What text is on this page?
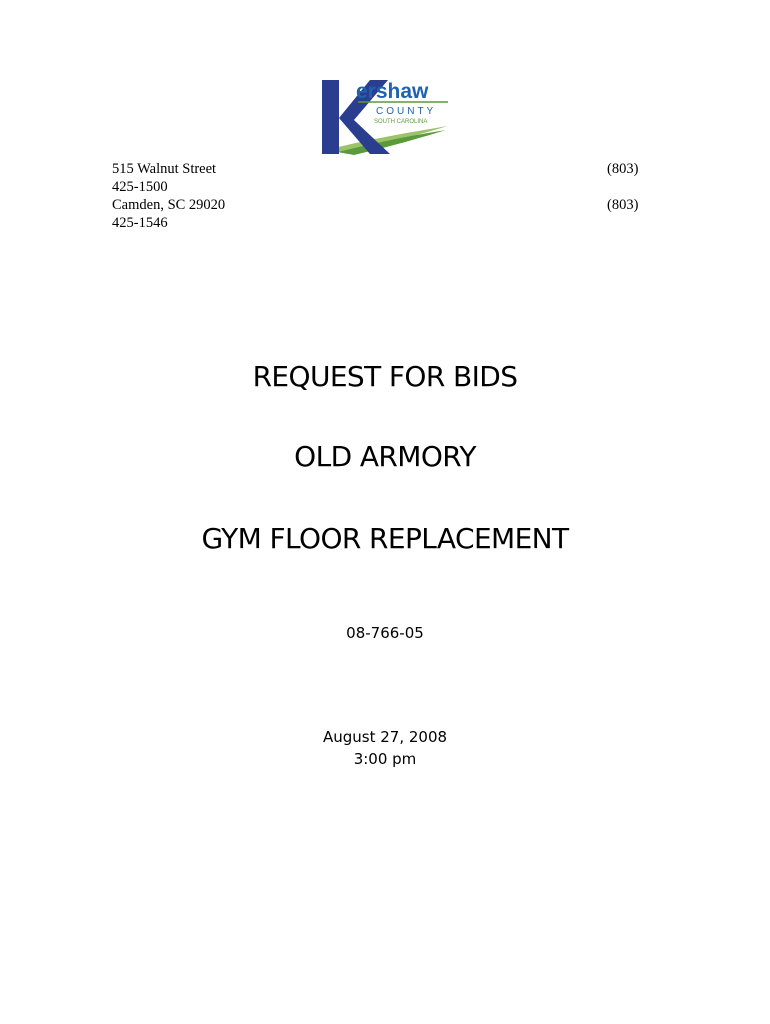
ershaw
COUNTY
SOUTH CAROLINA
515 Walnut Street
425-1500
Camden, SC 29020
425-1546
(803)
(803)
REQUEST FOR BIDS
OLD ARMORY
GYM FLOOR REPLACEMENT
08-766-05
August 27, 2008
3:00 pm
